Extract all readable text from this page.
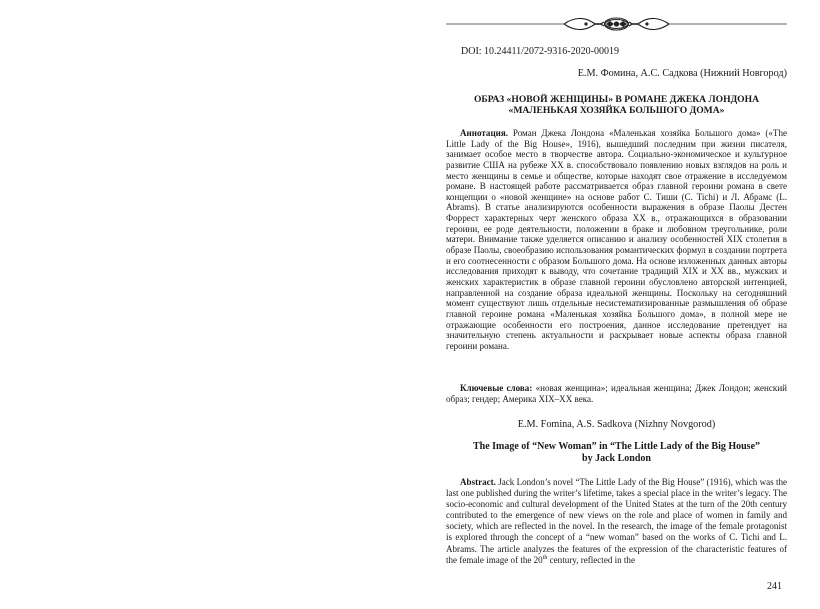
DOI: 10.24411/2072-9316-2020-00019
Е.М. Фомина, А.С. Садкова (Нижний Новгород)
ОБРАЗ «НОВОЙ ЖЕНЩИНЫ» В РОМАНЕ ДЖЕКА ЛОНДОНА
«МАЛЕНЬКАЯ ХОЗЯЙКА БОЛЬШОГО ДОМА»
Аннотация. Роман Джека Лондона «Маленькая хозяйка Большого дома» («The Little Lady of the Big House», 1916), вышедший последним при жизни писателя, занимает особое место в творчестве автора. Социально-экономическое и культурное развитие США на рубеже XX в. способствовало появлению новых взглядов на роль и место женщины в семье и обществе, которые находят свое отражение в исследуемом романе. В настоящей работе рассматривается образ главной героини романа в свете концепции о «новой женщине» на основе работ С. Тиши (C. Tichi) и Л. Абрамс (L. Abrams). В статье анализируются особенности выражения в образе Паолы Дестен Форрест характерных черт женского образа XX в., отражающихся в образовании героини, ее роде деятельности, положении в браке и любовном треугольнике, роли матери. Внимание также уделяется описанию и анализу особенностей XIX столетия в образе Паолы, своеобразию использования романтических формул в создании портрета и его соотнесенности с образом Большого дома. На основе изложенных данных авторы исследования приходят к выводу, что сочетание традиций XIX и XX вв., мужских и женских характеристик в образе главной героини обусловлено авторской интенцией, направленной на создание образа идеальной женщины. Поскольку на сегодняшний момент существуют лишь отдельные несистематизированные размышления об образе главной героине романа «Маленькая хозяйка Большого дома», в полной мере не отражающие особенности его построения, данное исследование претендует на значительную степень актуальности и раскрывает новые аспекты образа главной героини романа.
Ключевые слова: «новая женщина»; идеальная женщина; Джек Лондон; женский образ; гендер; Америка XIX–XX века.
E.M. Fomina, A.S. Sadkova (Nizhny Novgorod)
The Image of “New Woman” in “The Little Lady of the Big House”
by Jack London
Abstract. Jack London’s novel “The Little Lady of the Big House” (1916), which was the last one published during the writer’s lifetime, takes a special place in the writer’s legacy. The socio-economic and cultural development of the United States at the turn of the 20th century contributed to the emergence of new views on the role and place of women in family and society, which are reflected in the novel. In the research, the image of the female protagonist is explored through the concept of a “new woman” based on the works of C. Tichi and L. Abrams. The article analyzes the features of the expression of the characteristic features of the female image of the 20th century, reflected in the
241
